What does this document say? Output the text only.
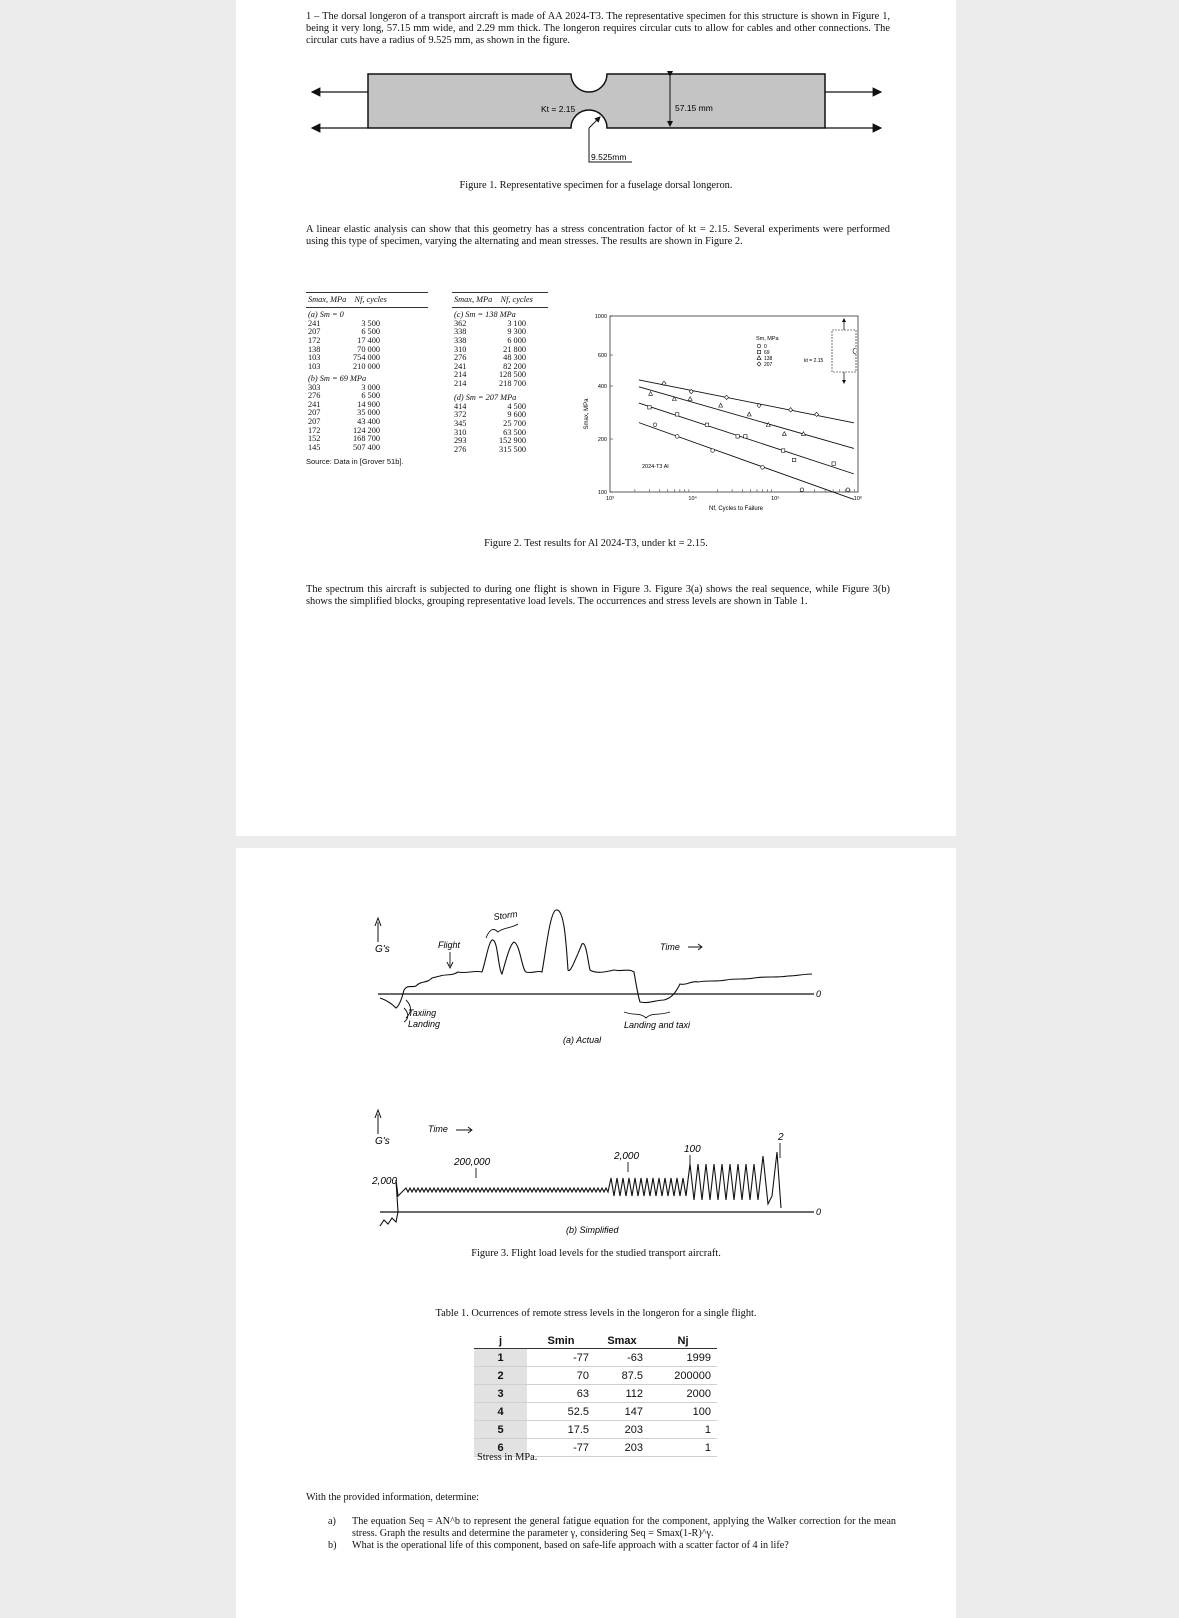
1 – The dorsal longeron of a transport aircraft is made of AA 2024-T3. The representative specimen for this structure is shown in Figure 1, being it very long, 57.15 mm wide, and 2.29 mm thick. The longeron requires circular cuts to allow for cables and other connections. The circular cuts have a radius of 9.525 mm, as shown in the figure.
Kt = 2.15	57.15 mm
9.525mm
Figure 1. Representative specimen for a fuselage dorsal longeron.
A linear elastic analysis can show that this geometry has a stress concentration factor of kt = 2.15. Several experiments were performed using this type of specimen, varying the alternating and mean stresses. The results are shown in Figure 2.
Smax, MPa    Nf, cycles
(a) Sm = 0
241	3 500
207	6 500
172	17 400
138	70 000
103	754 000
103	210 000
(b) Sm = 69 MPa
303	3 000
276	6 500
241	14 900
207	35 000
207	43 400
172	124 200
152	168 700
145	507 400
Source: Data in [Grover 51b].
Smax, MPa    Nf, cycles
(c) Sm = 138 MPa
362	3 100
338	9 300
338	6 000
310	21 800
276	48 300
241	82 200
214	128 500
214	218 700
(d) Sm = 207 MPa
414	4 500
372	9 600
345	25 700
310	63 500
293	152 900
276	315 500
Smax, MPa
Nf, Cycles to Failure
2024-T3 Al
1000
600
400
200
100
10³	10⁴	10⁵	10⁶
Sm, MPa
0
69
138
207
kt = 2.15
Figure 2. Test results for Al 2024-T3, under kt = 2.15.
The spectrum this aircraft is subjected to during one flight is shown in Figure 3. Figure 3(a) shows the real sequence, while Figure 3(b) shows the simplified blocks, grouping representative load levels. The occurrences and stress levels are shown in Table 1.
G's	Flight
Storm
Time
0
Taxiing
Landing	Landing and taxi
(a) Actual
G's
Time
200,000
2,000
2,000
100
2
0
(b) Simplified
Figure 3. Flight load levels for the studied transport aircraft.
Table 1. Ocurrences of remote stress levels in the longeron for a single flight.
j	Smin	Smax	Nj
1	-77	-63	1999
2	70	87.5	200000
3	63	112	2000
4	52.5	147	100
5	17.5	203	1
6	-77	203	1
Stress in MPa.
With the provided information, determine:
a) The equation Seq = AN^b to represent the general fatigue equation for the component, applying the Walker correction for the mean stress. Graph the results and determine the parameter γ, considering Seq = Smax(1-R)^γ.
b) What is the operational life of this component, based on safe-life approach with a scatter factor of 4 in life?
